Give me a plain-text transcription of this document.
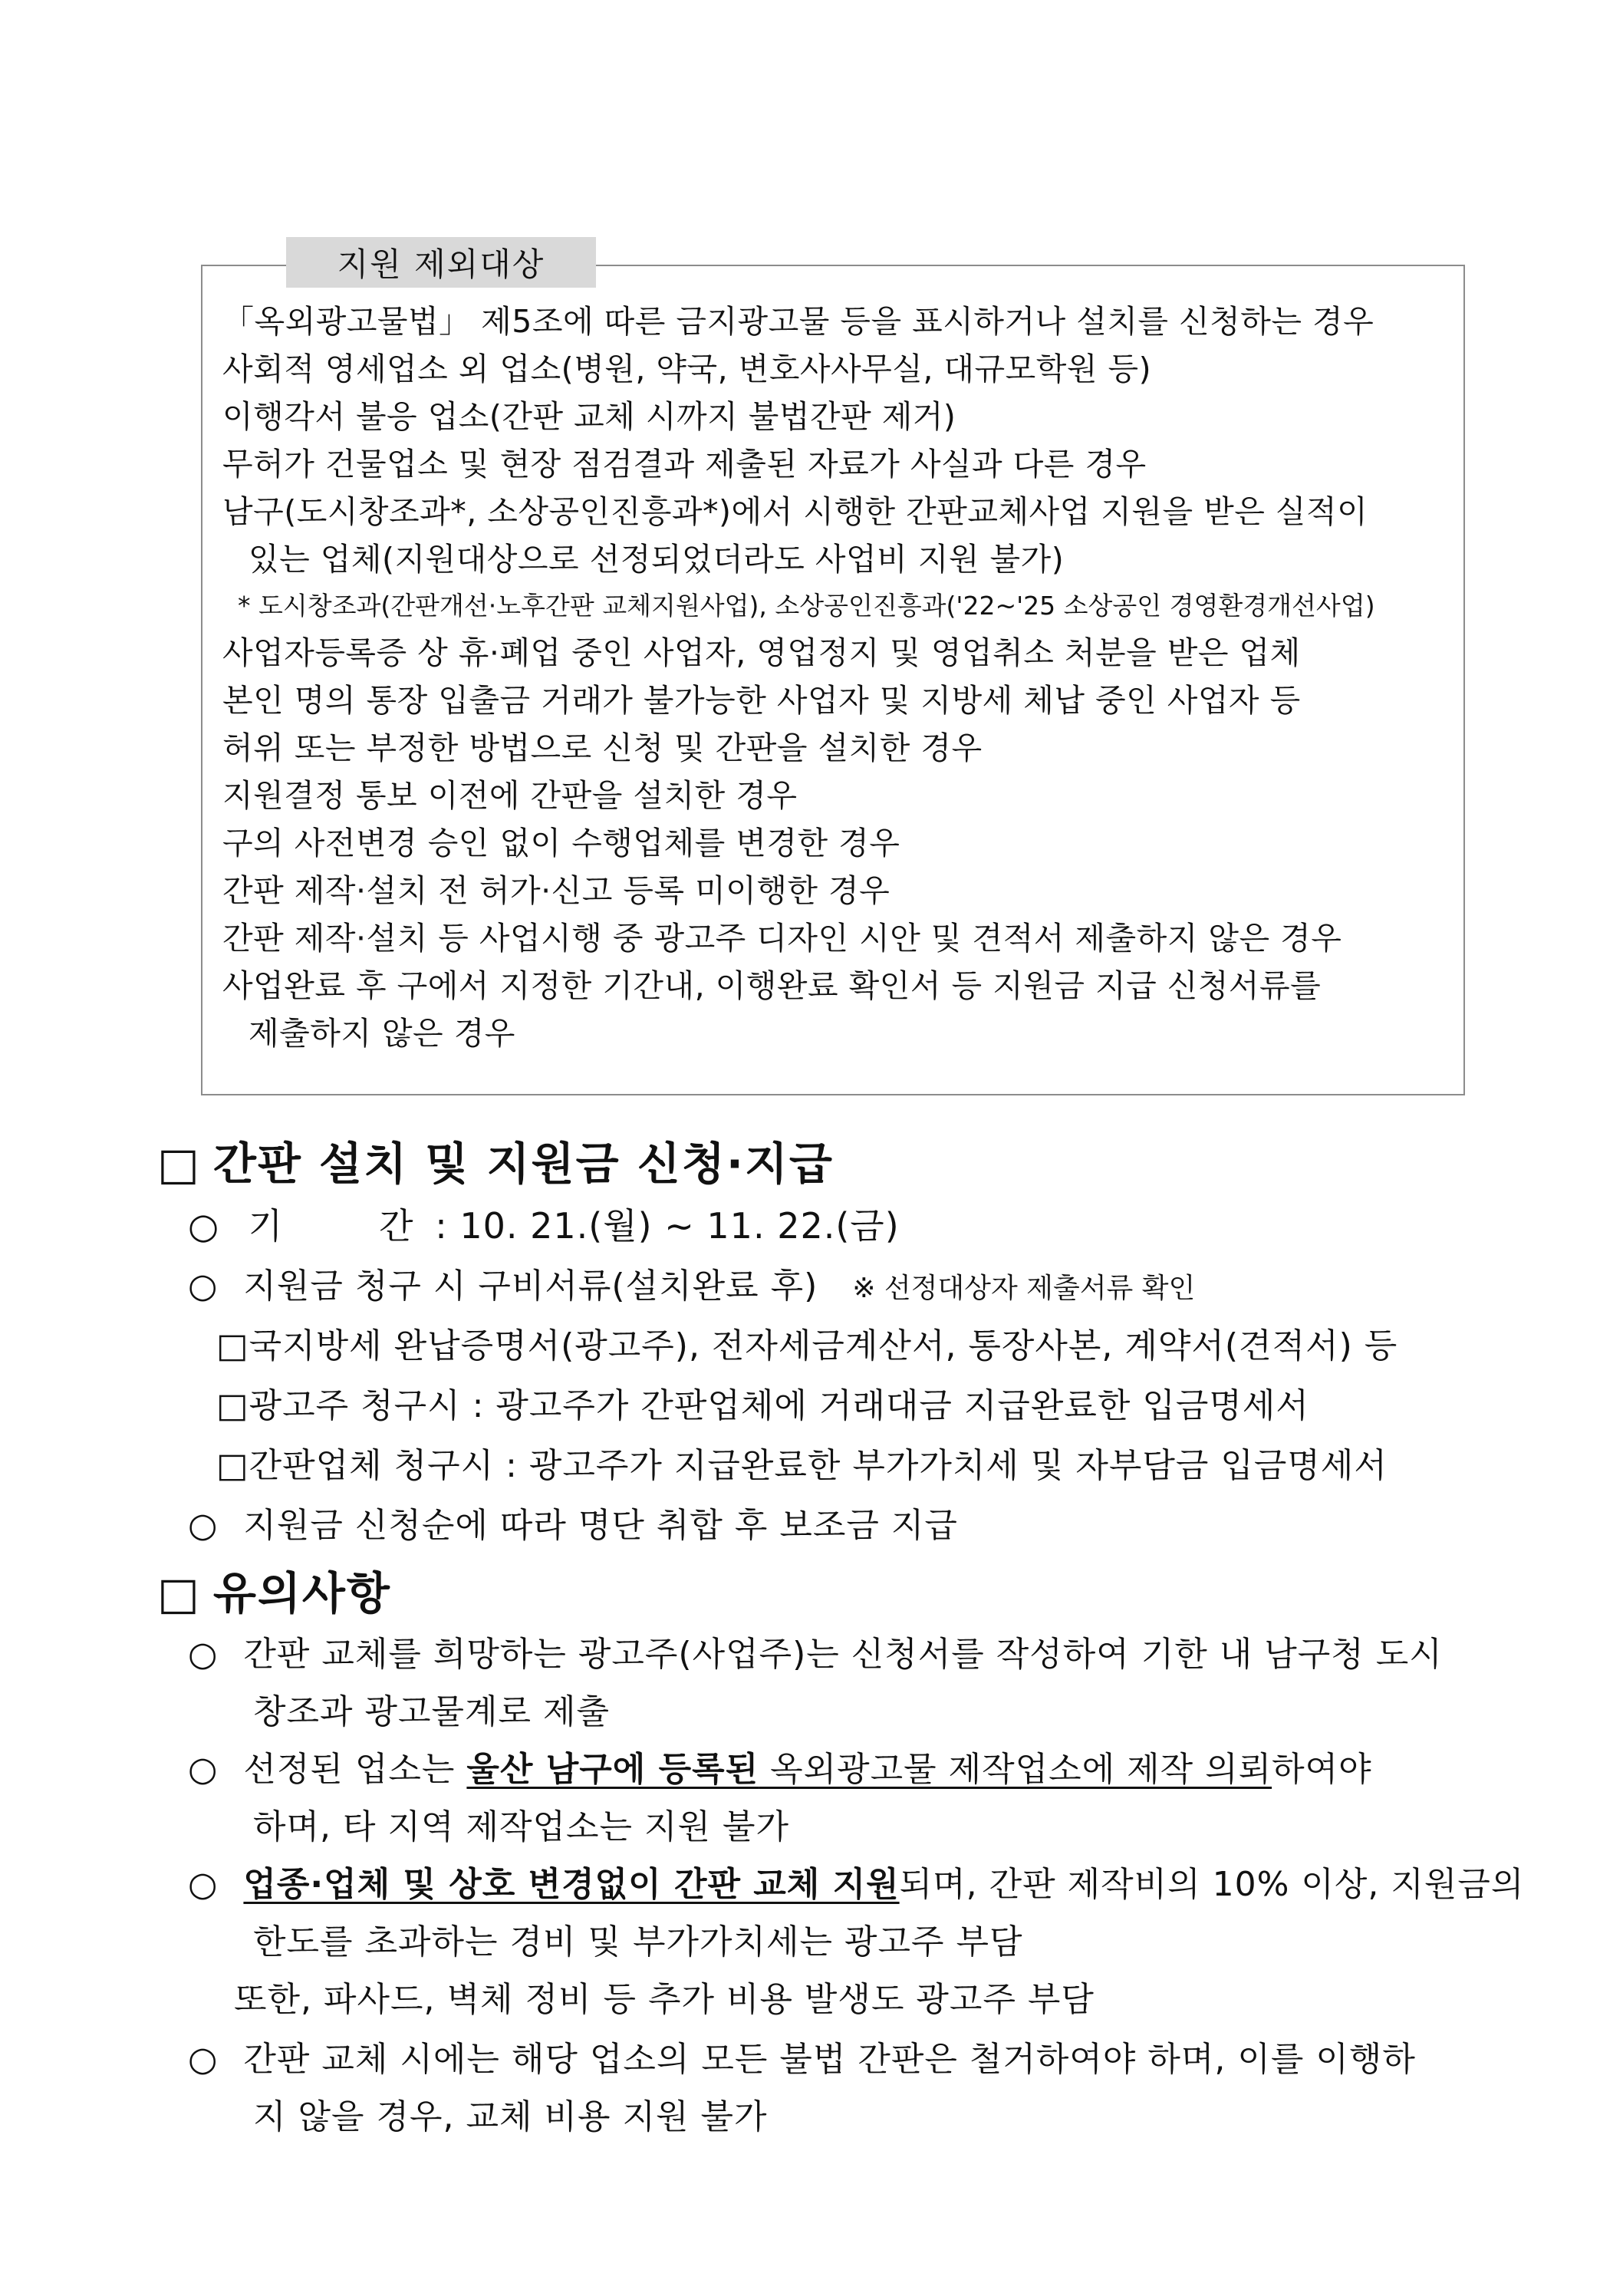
지원 제외대상
「옥외광고물법」 제5조에 따른 금지광고물 등을 표시하거나 설치를 신청하는 경우
사회적 영세업소 외 업소(병원, 약국, 변호사사무실, 대규모학원 등)
이행각서 불응 업소(간판 교체 시까지 불법간판 제거)
무허가 건물업소 및 현장 점검결과 제출된 자료가 사실과 다른 경우
남구(도시창조과*, 소상공인진흥과*)에서 시행한 간판교체사업 지원을 받은 실적이
있는 업체(지원대상으로 선정되었더라도 사업비 지원 불가)
* 도시창조과(간판개선·노후간판 교체지원사업), 소상공인진흥과('22~'25 소상공인 경영환경개선사업)
사업자등록증 상 휴·폐업 중인 사업자, 영업정지 및 영업취소 처분을 받은 업체
본인 명의 통장 입출금 거래가 불가능한 사업자 및 지방세 체납 중인 사업자 등
허위 또는 부정한 방법으로 신청 및 간판을 설치한 경우
지원결정 통보 이전에 간판을 설치한 경우
구의 사전변경 승인 없이 수행업체를 변경한 경우
간판 제작·설치 전 허가·신고 등록 미이행한 경우
간판 제작·설치 등 사업시행 중 광고주 디자인 시안 및 견적서 제출하지 않은 경우
사업완료 후 구에서 지정한 기간내, 이행완료 확인서 등 지원금 지급 신청서류를
제출하지 않은 경우
□ 간판 설치 및 지원금 신청·지급
○ 기        간 : 10. 21.(월) ~ 11. 22.(금)
○ 지원금 청구 시 구비서류(설치완료 후) ※ 선정대상자 제출서류 확인
□국지방세 완납증명서(광고주), 전자세금계산서, 통장사본, 계약서(견적서) 등
□광고주 청구시 : 광고주가 간판업체에 거래대금 지급완료한 입금명세서
□간판업체 청구시 : 광고주가 지급완료한 부가가치세 및 자부담금 입금명세서
○ 지원금 신청순에 따라 명단 취합 후 보조금 지급
□ 유의사항
○ 간판 교체를 희망하는 광고주(사업주)는 신청서를 작성하여 기한 내 남구청 도시
창조과 광고물계로 제출
○ 선정된 업소는 울산 남구에 등록된 옥외광고물 제작업소에 제작 의뢰하여야
하며, 타 지역 제작업소는 지원 불가
○ 업종·업체 및 상호 변경없이 간판 교체 지원되며, 간판 제작비의 10% 이상, 지원금의
한도를 초과하는 경비 및 부가가치세는 광고주 부담
또한, 파사드, 벽체 정비 등 추가 비용 발생도 광고주 부담
○ 간판 교체 시에는 해당 업소의 모든 불법 간판은 철거하여야 하며, 이를 이행하
지 않을 경우, 교체 비용 지원 불가
